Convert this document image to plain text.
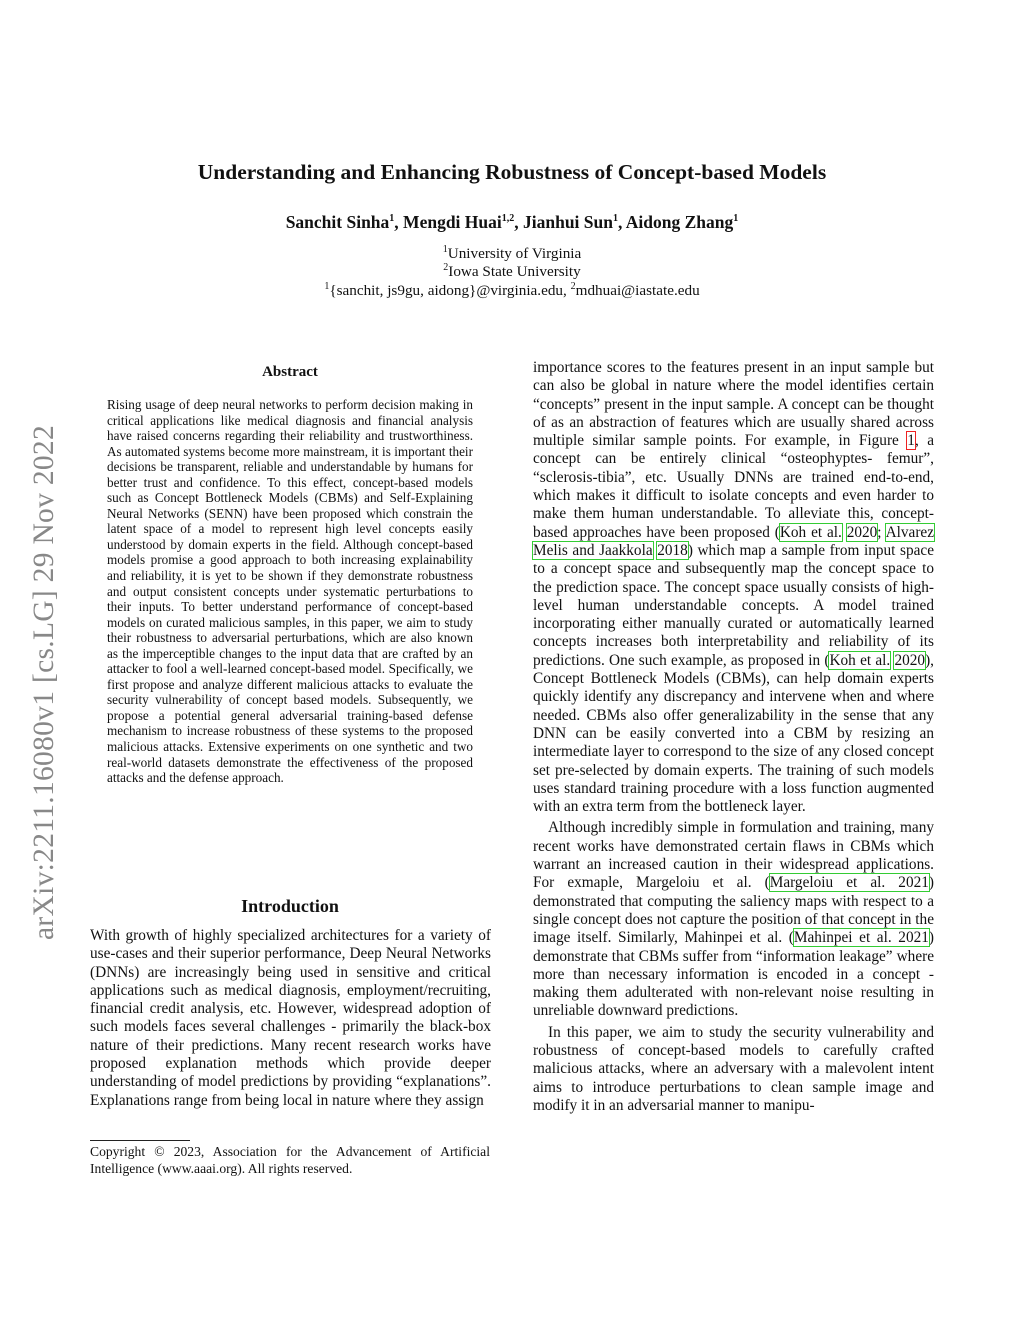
arXiv:2211.16080v1 [cs.LG] 29 Nov 2022
Understanding and Enhancing Robustness of Concept-based Models
Sanchit Sinha$^1$, Mengdi Huai$^{1,2}$, Jianhui Sun$^1$, Aidong Zhang$^1$
$^1$University of Virginia
$^2$Iowa State University
$^1${sanchit, js9gu, aidong}@virginia.edu, $^2$mdhuai@iastate.edu
Abstract

Rising usage of deep neural networks to perform decision making in critical applications like medical diagnosis and financial analysis have raised concerns regarding their reliability and trustworthiness. As automated systems become more mainstream, it is important their decisions be transparent, reliable and understandable by humans for better trust and confidence. To this effect, concept-based models such as Concept Bottleneck Models (CBMs) and Self-Explaining Neural Networks (SENN) have been proposed which constrain the latent space of a model to represent high level concepts easily understood by domain experts in the field. Although concept-based models promise a good approach to both increasing explainability and reliability, it is yet to be shown if they demonstrate robustness and output consistent concepts under systematic perturbations to their inputs. To better understand performance of concept-based models on curated malicious samples, in this paper, we aim to study their robustness to adversarial perturbations, which are also known as the imperceptible changes to the input data that are crafted by an attacker to fool a well-learned concept-based model. Specifically, we first propose and analyze different malicious attacks to evaluate the security vulnerability of concept based models. Subsequently, we propose a potential general adversarial training-based defense mechanism to increase robustness of these systems to the proposed malicious attacks. Extensive experiments on one synthetic and two real-world datasets demonstrate the effectiveness of the proposed attacks and the defense approach.

Introduction

With growth of highly specialized architectures for a variety of use-cases and their superior performance, Deep Neural Networks (DNNs) are increasingly being used in sensitive and critical applications such as medical diagnosis, employment/recruiting, financial credit analysis, etc. However, widespread adoption of such models faces several challenges - primarily the black-box nature of their predictions. Many recent research works have proposed explanation methods which provide deeper understanding of model predictions by providing “explanations”. Explanations range from being local in nature where they assign

importance scores to the features present in an input sample but can also be global in nature where the model identifies certain “concepts” present in the input sample. A concept can be thought of as an abstraction of features which are usually shared across multiple similar sample points. For example, in Figure 1, a concept can be entirely clinical “osteophyptes- femur”, “sclerosis-tibia”, etc. Usually DNNs are trained end-to-end, which makes it difficult to isolate concepts and even harder to make them human understandable. To alleviate this, concept-based approaches have been proposed (Koh et al. 2020; Alvarez Melis and Jaakkola 2018) which map a sample from input space to a concept space and subsequently map the concept space to the prediction space. The concept space usually consists of high-level human understandable concepts. A model trained incorporating either manually curated or automatically learned concepts increases both interpretability and reliability of its predictions. One such example, as proposed in (Koh et al. 2020), Concept Bottleneck Models (CBMs), can help domain experts quickly identify any discrepancy and intervene when and where needed. CBMs also offer generalizability in the sense that any DNN can be easily converted into a CBM by resizing an intermediate layer to correspond to the size of any closed concept set pre-selected by domain experts. The training of such models uses standard training procedure with a loss function augmented with an extra term from the bottleneck layer.

Although incredibly simple in formulation and training, many recent works have demonstrated certain flaws in CBMs which warrant an increased caution in their widespread applications. For exmaple, Margeloiu et al. (Margeloiu et al. 2021) demonstrated that computing the saliency maps with respect to a single concept does not capture the position of that concept in the image itself. Similarly, Mahinpei et al. (Mahinpei et al. 2021) demonstrate that CBMs suffer from “information leakage” where more than necessary information is encoded in a concept - making them adulterated with non-relevant noise resulting in unreliable downward predictions.

In this paper, we aim to study the security vulnerability and robustness of concept-based models to carefully crafted malicious attacks, where an adversary with a malevolent intent aims to introduce perturbations to clean sample image and modify it in an adversarial manner to manipu-

Copyright © 2023, Association for the Advancement of Artificial Intelligence (www.aaai.org). All rights reserved.
